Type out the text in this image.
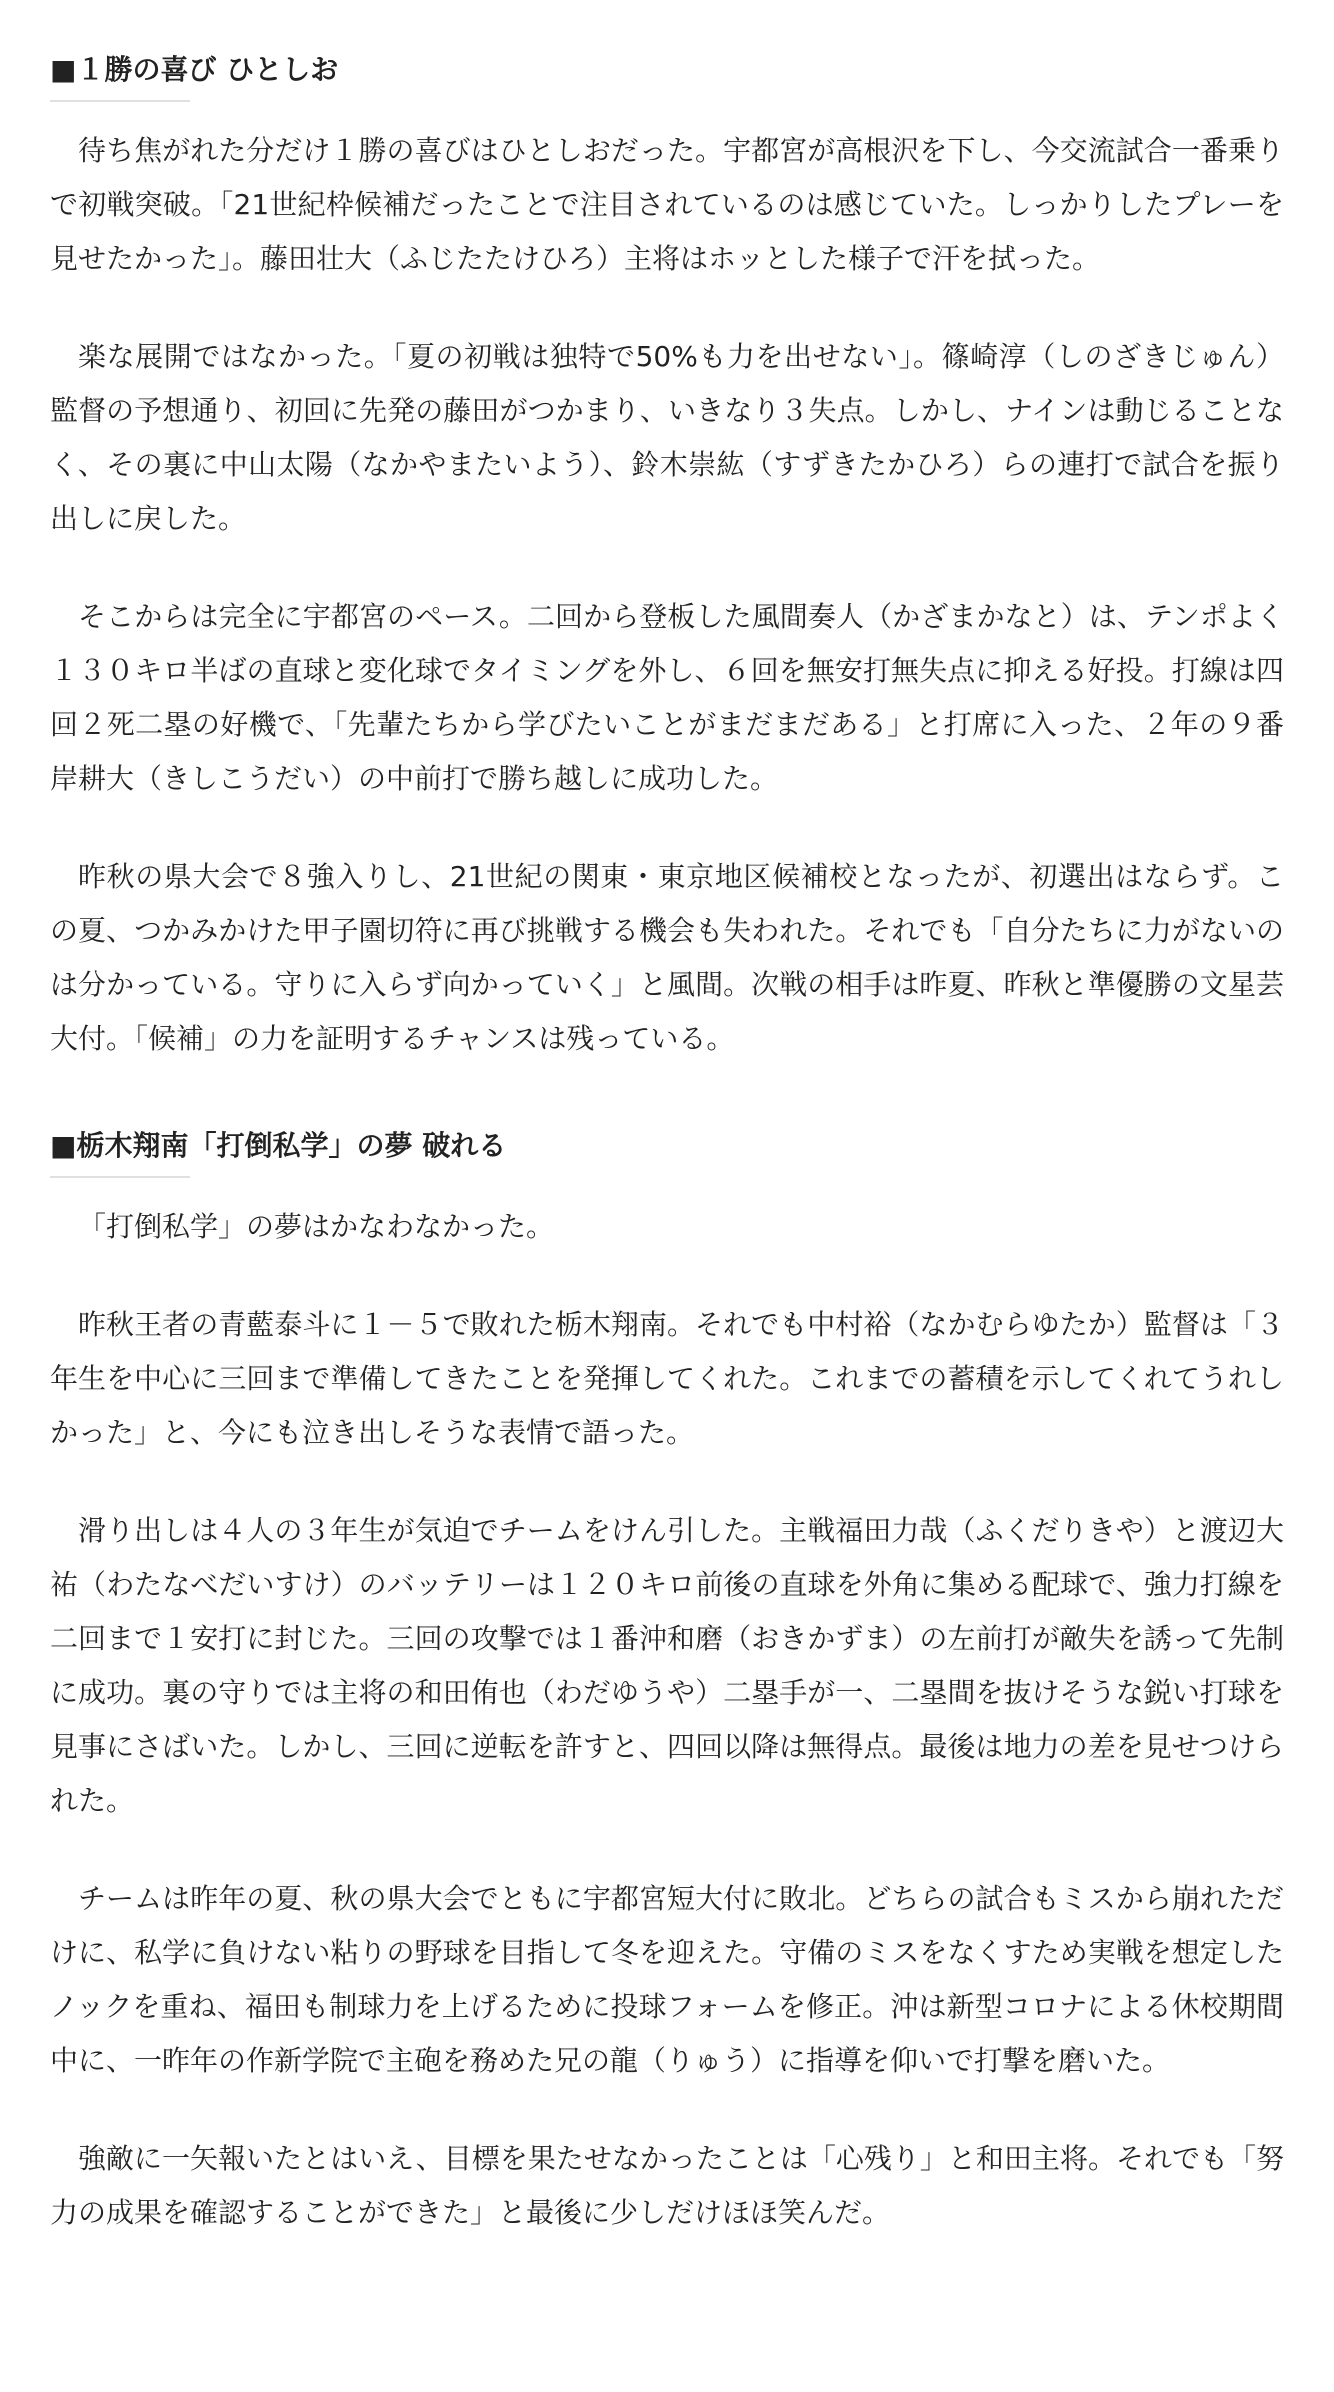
■１勝の喜び ひとしお

待ち焦がれた分だけ１勝の喜びはひとしおだった。宇都宮が高根沢を下し、今交流試合一番乗りで初戦突破。「21世紀枠候補だったことで注目されているのは感じていた。しっかりしたプレーを見せたかった」。藤田壮大（ふじたたけひろ）主将はホッとした様子で汗を拭った。

楽な展開ではなかった。「夏の初戦は独特で50%も力を出せない」。篠崎淳（しのざきじゅん）監督の予想通り、初回に先発の藤田がつかまり、いきなり３失点。しかし、ナインは動じることなく、その裏に中山太陽（なかやまたいよう）、鈴木崇紘（すずきたかひろ）らの連打で試合を振り出しに戻した。

そこからは完全に宇都宮のペース。二回から登板した風間奏人（かざまかなと）は、テンポよく１３０キロ半ばの直球と変化球でタイミングを外し、６回を無安打無失点に抑える好投。打線は四回２死二塁の好機で、「先輩たちから学びたいことがまだまだある」と打席に入った、２年の９番岸耕大（きしこうだい）の中前打で勝ち越しに成功した。

昨秋の県大会で８強入りし、21世紀の関東・東京地区候補校となったが、初選出はならず。この夏、つかみかけた甲子園切符に再び挑戦する機会も失われた。それでも「自分たちに力がないのは分かっている。守りに入らず向かっていく」と風間。次戦の相手は昨夏、昨秋と準優勝の文星芸大付。「候補」の力を証明するチャンスは残っている。

■栃木翔南「打倒私学」の夢 破れる

「打倒私学」の夢はかなわなかった。

昨秋王者の青藍泰斗に１－５で敗れた栃木翔南。それでも中村裕（なかむらゆたか）監督は「３年生を中心に三回まで準備してきたことを発揮してくれた。これまでの蓄積を示してくれてうれしかった」と、今にも泣き出しそうな表情で語った。

滑り出しは４人の３年生が気迫でチームをけん引した。主戦福田力哉（ふくだりきや）と渡辺大祐（わたなべだいすけ）のバッテリーは１２０キロ前後の直球を外角に集める配球で、強力打線を二回まで１安打に封じた。三回の攻撃では１番沖和磨（おきかずま）の左前打が敵失を誘って先制に成功。裏の守りでは主将の和田侑也（わだゆうや）二塁手が一、二塁間を抜けそうな鋭い打球を見事にさばいた。しかし、三回に逆転を許すと、四回以降は無得点。最後は地力の差を見せつけられた。

チームは昨年の夏、秋の県大会でともに宇都宮短大付に敗北。どちらの試合もミスから崩れただけに、私学に負けない粘りの野球を目指して冬を迎えた。守備のミスをなくすため実戦を想定したノックを重ね、福田も制球力を上げるために投球フォームを修正。沖は新型コロナによる休校期間中に、一昨年の作新学院で主砲を務めた兄の龍（りゅう）に指導を仰いで打撃を磨いた。

強敵に一矢報いたとはいえ、目標を果たせなかったことは「心残り」と和田主将。それでも「努力の成果を確認することができた」と最後に少しだけほほ笑んだ。
